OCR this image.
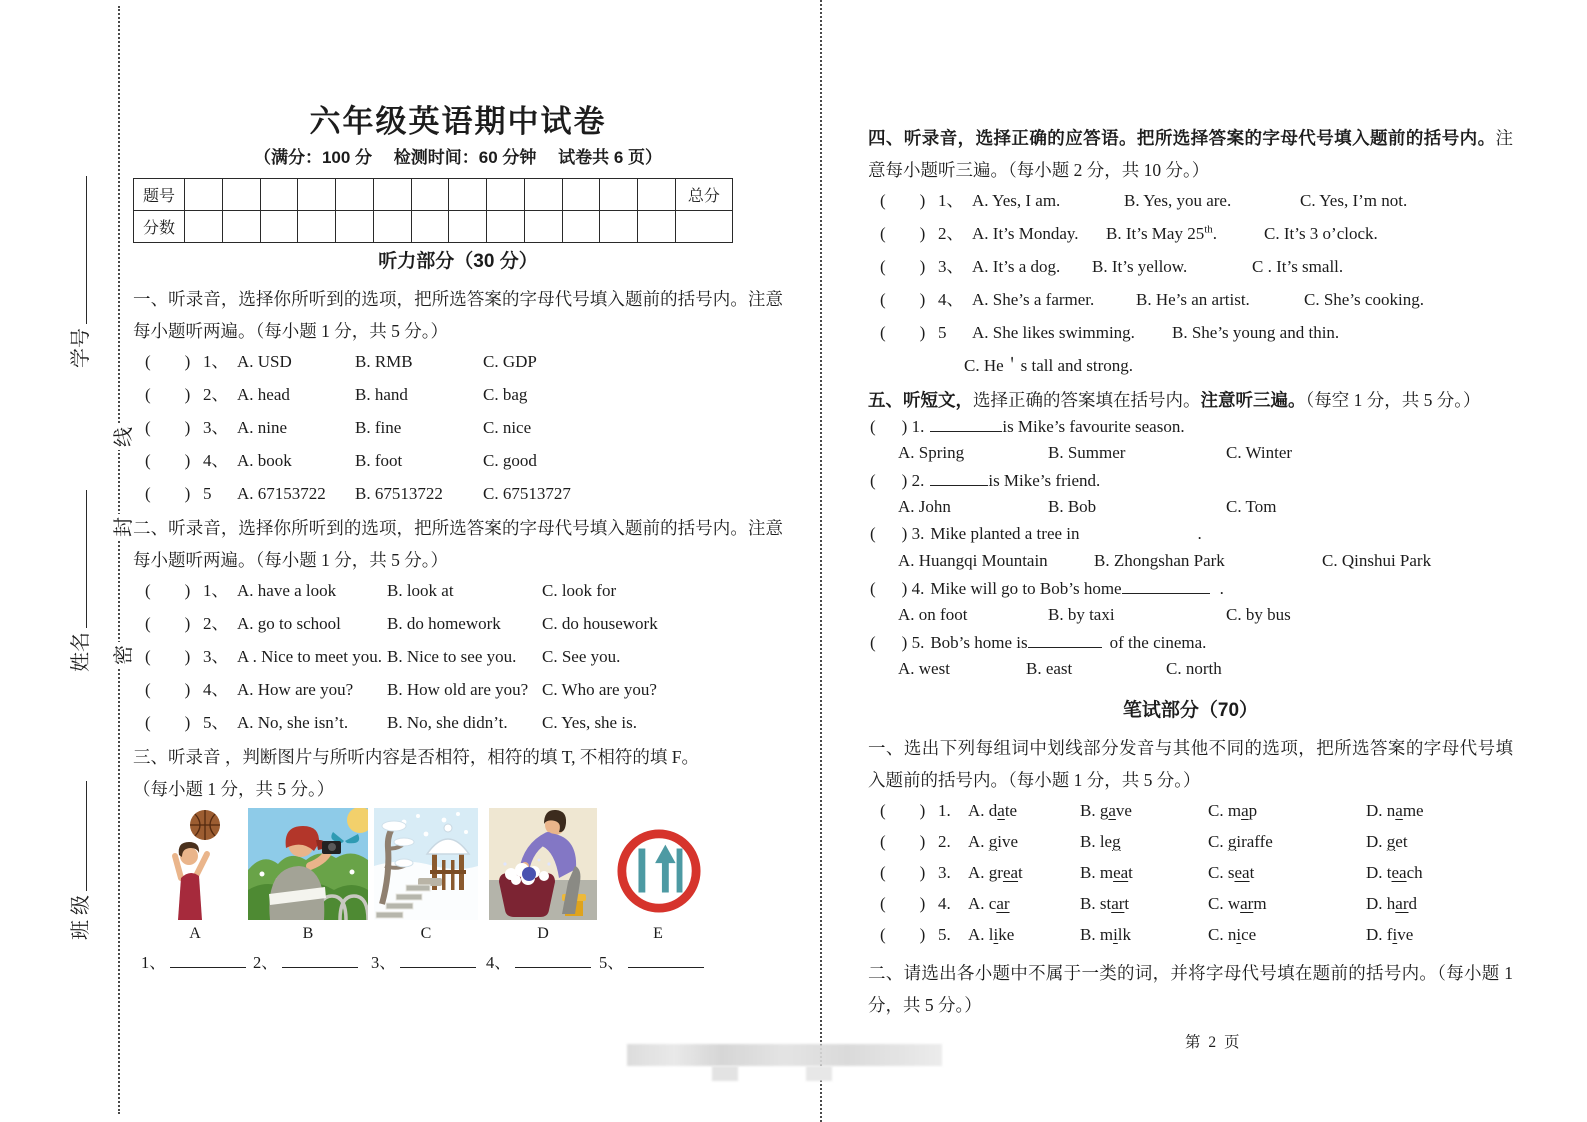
学号
姓名
班 级
线
封
密
六年级英语期中试卷
（满分：100 分　 检测时间：60 分钟 　试卷共 6 页）
题号														总分
分数														
听力部分（30 分）

一、听录音，选择你所听到的选项，把所选答案的字母代号填入题前的括号内。注意每小题听两遍。（每小题 1 分，共 5 分。）

(　　) 1、 A. USD	B. RMB	C. GDP
(　　) 2、 A. head	B. hand	C. bag
(　　) 3、 A. nine	B. fine	C. nice
(　　) 4、 A. book	B. foot	C. good
(　　) 5	A. 67153722	B. 67513722	C. 67513727

二、听录音，选择你所听到的选项，把所选答案的字母代号填入题前的括号内。注意每小题听两遍。（每小题 1 分，共 5 分。）

(　　) 1、 A. have a look	B. look at	C. look for
(　　) 2、 A. go to school	B. do homework	C. do housework
(　　) 3、 A . Nice to meet you. B. Nice to see you.	C. See you.
(　　) 4、 A. How are you?	B. How old are you? C. Who are you?
(　　) 5、 A. No, she isn’t.	B. No, she didn’t.	C. Yes, she is.

三、听录音 ，判断图片与所听内容是否相符，相符的填 T, 不相符的填 F。

（每小题 1 分，共 5 分。）

A	B	C	D	E
1、	2、	3、	4、	5、

四、听录音，选择正确的应答语。把所选择答案的字母代号填入题前的括号内。注意每小题听三遍。（每小题 2 分，共 10 分。）

(　　) 1、 A. Yes, I am.	B. Yes, you are.	C. Yes, I’m not.
(　　) 2、 A. It’s Monday.	B. It’s May 25th.	C. It’s 3 o’clock.
(　　) 3、 A. It’s a dog.	B. It’s yellow.	C . It’s small.
(　　) 4、 A. She’s a farmer.	B. He’s an artist.	C. She’s cooking.
(　　) 5	A. She likes swimming.	B. She’s young and thin.
C. He＇s tall and strong.

五、听短文，选择正确的答案填在括号内。注意听三遍。（每空 1 分，共 5 分。）

( ) 1.	is Mike’s favourite season.
A. Spring	B. Summer	C. Winter
( ) 2.	is Mike’s friend.
A. John	B. Bob	C. Tom
( ) 3. Mike planted a tree in	.
A. Huangqi Mountain	B. Zhongshan Park	C. Qinshui Park
( ) 4. Mike will go to Bob’s home	.
A. on foot	B. by taxi	C. by bus
( ) 5. Bob’s home is	of the cinema.
A. west	B. east	C. north
笔试部分（70）

一、选出下列每组词中划线部分发音与其他不同的选项，把所选答案的字母代号填入题前的括号内。（每小题 1 分，共 5 分。）

(　　) 1.	A. date	B. gave	C. map	D. name
(　　) 2.	A. give	B. leg	C. giraffe	D. get
(　　) 3.	A. great	B. meat	C. seat	D. teach
(　　) 4.	A. car	B. start	C. warm	D. hard
(　　) 5.	A. like	B. milk	C. nice	D. five

二、请选出各小题中不属于一类的词，并将字母代号填在题前的括号内。（每小题 1 分，共 5 分。）

第 2 页
